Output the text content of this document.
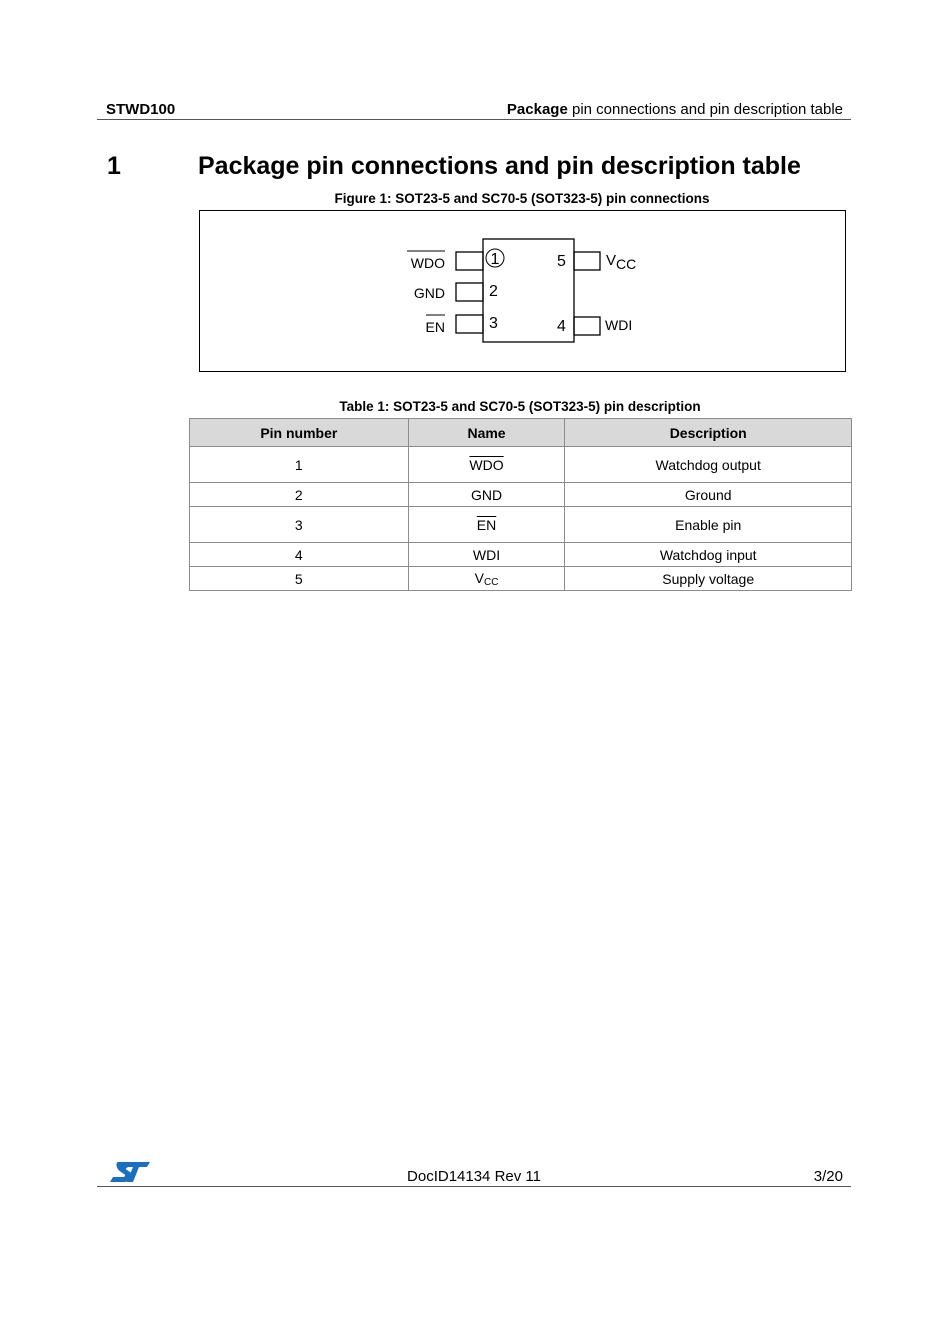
STWD100	Package pin connections and pin description table
1	Package pin connections and pin description table
Figure 1: SOT23-5 and SC70-5 (SOT323-5) pin connections
1
2
3
5
4
WDO
GND
EN
VCC
WDI
Table 1: SOT23-5 and SC70-5 (SOT323-5) pin description
Pin number	Name	Description
1	$\overline{WDO}$	Watchdog output
2	GND	Ground
3	$\overline{EN}$	Enable pin
4	WDI	Watchdog input
5	$V_{CC}$	Supply voltage
DocID14134 Rev 11	3/20
